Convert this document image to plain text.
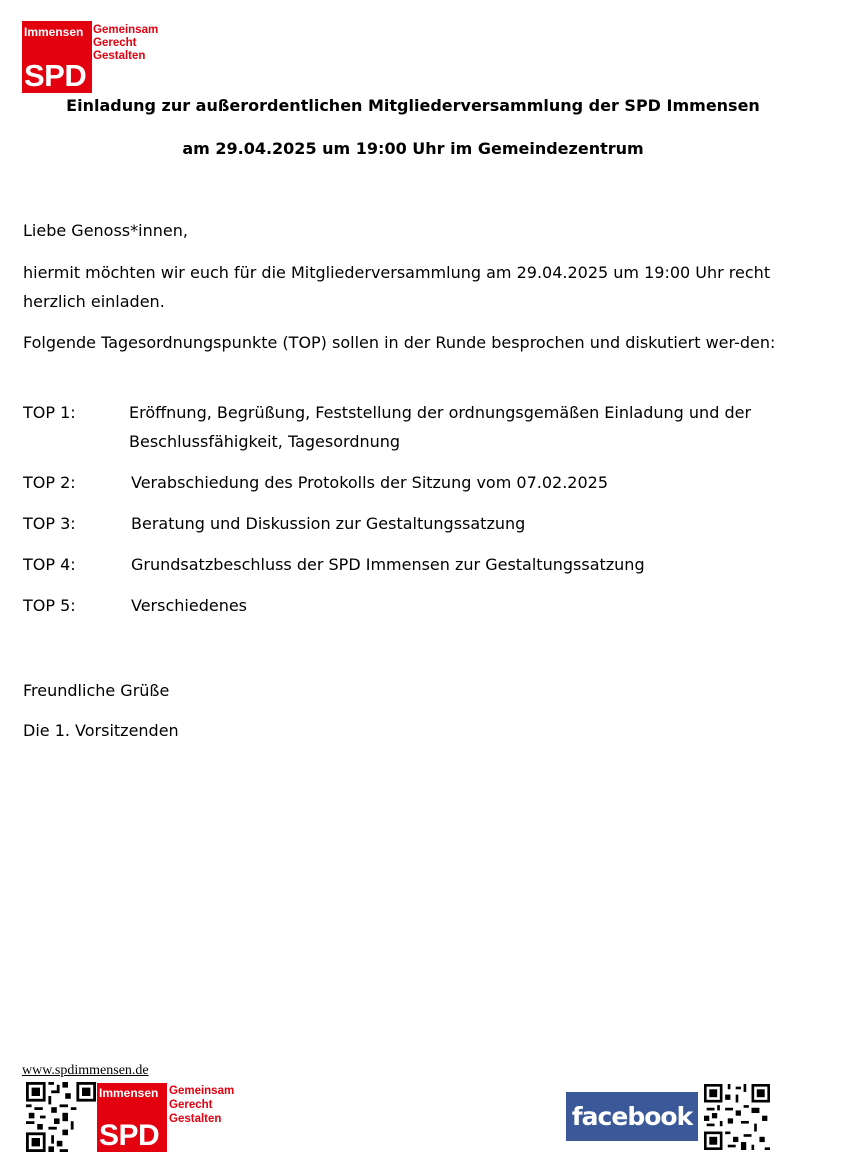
Immensen
SPD
Gemeinsam
Gerecht
Gestalten
Einladung zur außerordentlichen Mitgliederversammlung der SPD Immensen
am 29.04.2025 um 19:00 Uhr im Gemeindezentrum
Liebe Genoss*innen,
hiermit möchten wir euch für die Mitgliederversammlung am 29.04.2025 um 19:00 Uhr recht herzlich einladen.
Folgende Tagesordnungspunkte (TOP) sollen in der Runde besprochen und diskutiert wer-den:
TOP 1:	Eröffnung, Begrüßung, Feststellung der ordnungsgemäßen Einladung und der Beschlussfähigkeit, Tagesordnung
TOP 2:	Verabschiedung des Protokolls der Sitzung vom 07.02.2025
TOP 3:	Beratung und Diskussion zur Gestaltungssatzung
TOP 4:	Grundsatzbeschluss der SPD Immensen zur Gestaltungssatzung
TOP 5:	Verschiedenes
Freundliche Grüße
Die 1. Vorsitzenden
www.spdimmensen.de
Immensen
SPD
Gemeinsam
Gerecht
Gestalten	facebook
